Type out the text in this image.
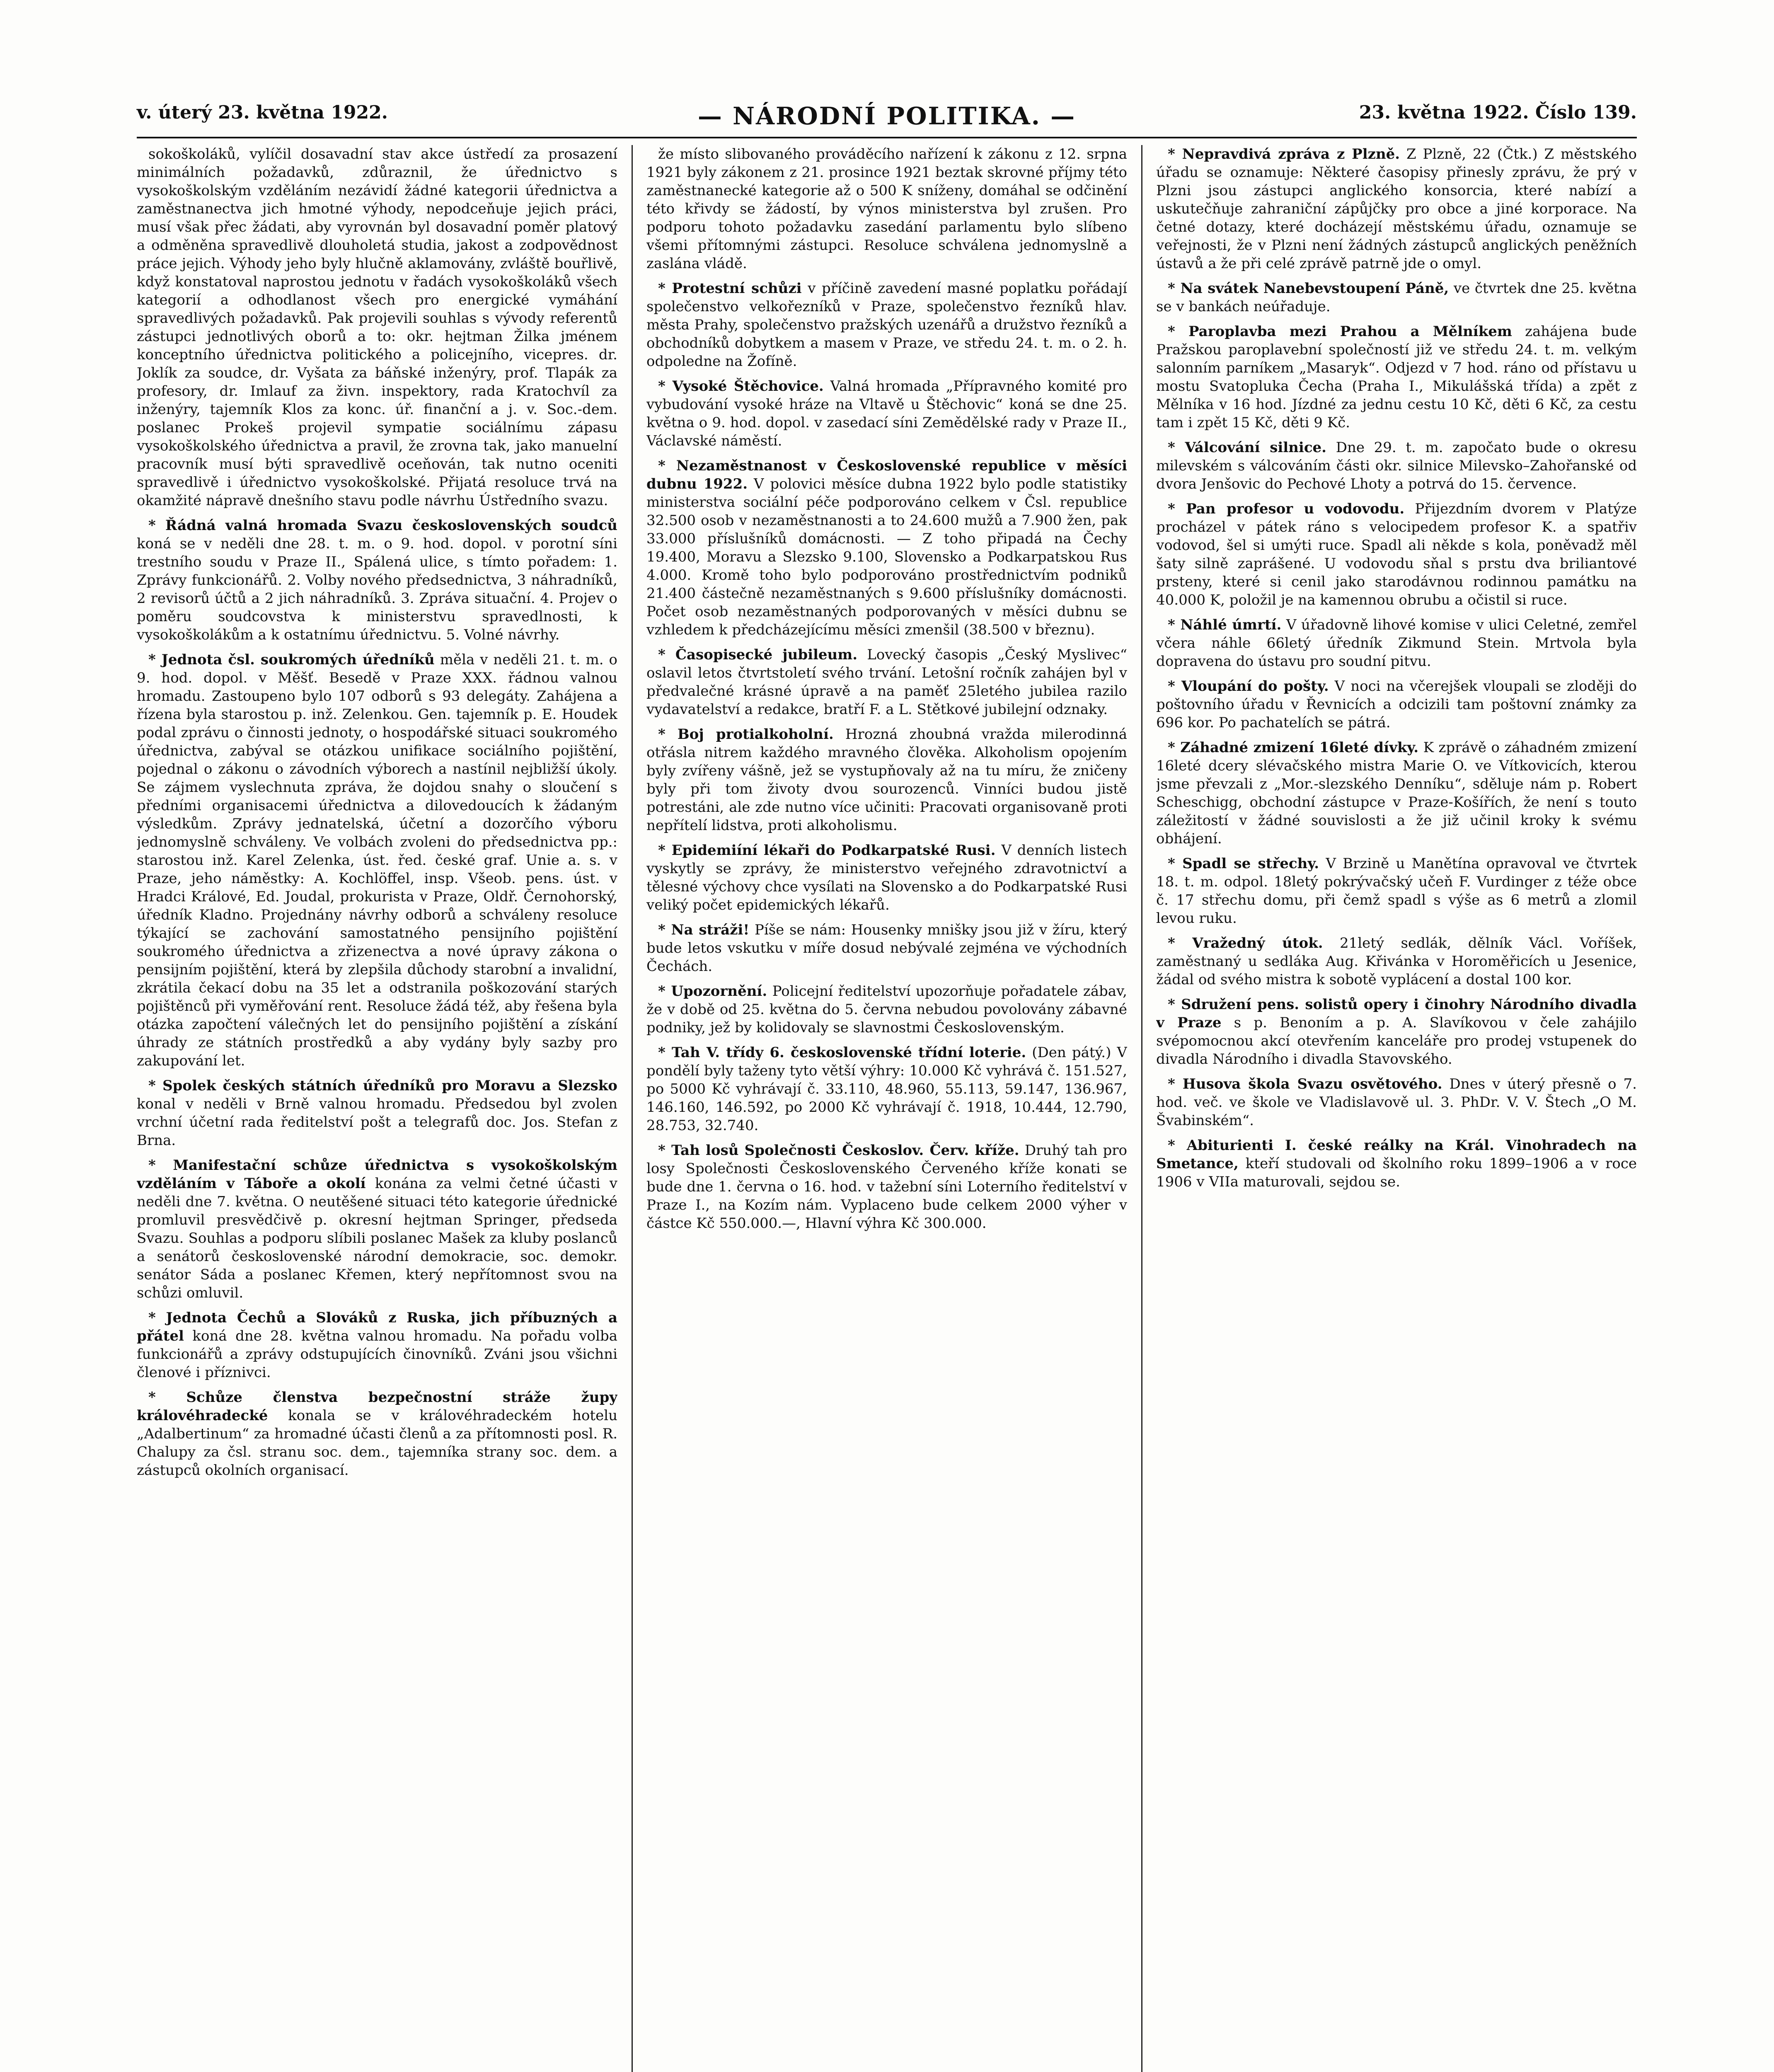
v. úterý 23. května 1922.	— NÁRODNÍ POLITIKA. —	23. května 1922. Číslo 139.

sokoškoláků, vylíčil dosavadní stav akce ústředí za prosazení minimálních požadavků, zdůraznil, že úřednictvo s vysokoškolským vzděláním nezávidí žádné kategorii úřednictva a zaměstnanectva jich hmotné výhody, nepodceňuje jejich práci, musí však přec žádati, aby vyrovnán byl dosavadní poměr platový a odměněna spravedlivě dlouholetá studia, jakost a zodpovědnost práce jejich. Výhody jeho byly hlučně aklamovány, zvláště bouřlivě, když konstatoval naprostou jednotu v řadách vysokoškoláků všech kategorií a odhodlanost všech pro energické vymáhání spravedlivých požadavků. Pak projevili souhlas s vývody referentů zástupci jednotlivých oborů a to: okr. hejtman Žilka jménem konceptního úřednictva politického a policejního, vicepres. dr. Joklík za soudce, dr. Vyšata za báňské inženýry, prof. Tlapák za profesory, dr. Imlauf za živn. inspektory, rada Kratochvíl za inženýry, tajemník Klos za konc. úř. finanční a j. v. Soc.-dem. poslanec Prokeš projevil sympatie sociálnímu zápasu vysokoškolského úřednictva a pravil, že zrovna tak, jako manuelní pracovník musí býti spravedlivě oceňován, tak nutno oceniti spravedlivě i úřednictvo vysokoškolské. Přijatá resoluce trvá na okamžité nápravě dnešního stavu podle návrhu Ústředního svazu.

* Řádná valná hromada Svazu československých soudců koná se v neděli dne 28. t. m. o 9. hod. dopol. v porotní síni trestního soudu v Praze II., Spálená ulice, s tímto pořadem: 1. Zprávy funkcionářů. 2. Volby nového předsednictva, 3 náhradníků, 2 revisorů účtů a 2 jich náhradníků. 3. Zpráva situační. 4. Projev o poměru soudcovstva k ministerstvu spravedlnosti, k vysokoškolákům a k ostatnímu úřednictvu. 5. Volné návrhy.

* Jednota čsl. soukromých úředníků měla v neděli 21. t. m. o 9. hod. dopol. v Měšť. Besedě v Praze XXX. řádnou valnou hromadu. Zastoupeno bylo 107 odborů s 93 delegáty. Zahájena a řízena byla starostou p. inž. Zelenkou. Gen. tajemník p. E. Houdek podal zprávu o činnosti jednoty, o hospodářské situaci soukromého úřednictva, zabýval se otázkou unifikace sociálního pojištění, pojednal o zákonu o závodních výborech a nastínil nejbližší úkoly. Se zájmem vyslechnuta zpráva, že dojdou snahy o sloučení s předními organisacemi úřednictva a dilovedoucích k žádaným výsledkům. Zprávy jednatelská, účetní a dozorčího výboru jednomyslně schváleny. Ve volbách zvoleni do předsednictva pp.: starostou inž. Karel Zelenka, úst. řed. české graf. Unie a. s. v Praze, jeho náměstky: A. Kochlöffel, insp. Všeob. pens. úst. v Hradci Králové, Ed. Joudal, prokurista v Praze, Oldř. Černohorský, úředník Kladno. Projednány návrhy odborů a schváleny resoluce týkající se zachování samostatného pensijního pojištění soukromého úřednictva a zřizenectva a nové úpravy zákona o pensijním pojištění, která by zlepšila důchody starobní a invalidní, zkrátila čekací dobu na 35 let a odstranila poškozování starých pojištěnců při vyměřování rent. Resoluce žádá též, aby řešena byla otázka započtení válečných let do pensijního pojištění a získání úhrady ze státních prostředků a aby vydány byly sazby pro zakupování let.

* Spolek českých státních úředníků pro Moravu a Slezsko konal v neděli v Brně valnou hromadu. Předsedou byl zvolen vrchní účetní rada ředitelství pošt a telegrafů doc. Jos. Stefan z Brna.

* Manifestační schůze úřednictva s vysokoškolským vzděláním v Táboře a okolí konána za velmi četné účasti v neděli dne 7. května. O neutěšené situaci této kategorie úřednické promluvil presvědčivě p. okresní hejtman Springer, předseda Svazu. Souhlas a podporu slíbili poslanec Mašek za kluby poslanců a senátorů československé národní demokracie, soc. demokr. senátor Sáda a poslanec Křemen, který nepřítomnost svou na schůzi omluvil.

* Jednota Čechů a Slováků z Ruska, jich příbuzných a přátel koná dne 28. května valnou hromadu. Na pořadu volba funkcionářů a zprávy odstupujících činovníků. Zváni jsou všichni členové i příznivci.

* Schůze členstva bezpečnostní stráže župy královéhradecké konala se v královéhradeckém hotelu „Adalbertinum“ za hromadné účasti členů a za přítomnosti posl. R. Chalupy za čsl. stranu soc. dem., tajemníka strany soc. dem. a zástupců okolních organisací.

že místo slibovaného prováděcího nařízení k zákonu z 12. srpna 1921 byly zákonem z 21. prosince 1921 beztak skrovné příjmy této zaměstnanecké kategorie až o 500 K sníženy, domáhal se odčinění této křivdy se žádostí, by výnos ministerstva byl zrušen. Pro podporu tohoto požadavku zasedání parlamentu bylo slíbeno všemi přítomnými zástupci. Resoluce schválena jednomyslně a zaslána vládě.

* Protestní schůzi v příčině zavedení masné poplatku pořádají společenstvo velkořezníků v Praze, společenstvo řezníků hlav. města Prahy, společenstvo pražských uzenářů a družstvo řezníků a obchodníků dobytkem a masem v Praze, ve středu 24. t. m. o 2. h. odpoledne na Žofíně.

* Vysoké Štěchovice. Valná hromada „Přípravného komité pro vybudování vysoké hráze na Vltavě u Štěchovic“ koná se dne 25. května o 9. hod. dopol. v zasedací síni Zemědělské rady v Praze II., Václavské náměstí.

* Nezaměstnanost v Československé republice v měsíci dubnu 1922. V polovici měsíce dubna 1922 bylo podle statistiky ministerstva sociální péče podporováno celkem v Čsl. republice 32.500 osob v nezaměstnanosti a to 24.600 mužů a 7.900 žen, pak 33.000 příslušníků domácnosti. — Z toho připadá na Čechy 19.400, Moravu a Slezsko 9.100, Slovensko a Podkarpatskou Rus 4.000. Kromě toho bylo podporováno prostřednictvím podniků 21.400 částečně nezaměstnaných s 9.600 příslušníky domácnosti. Počet osob nezaměstnaných podporovaných v měsíci dubnu se vzhledem k předcházejícímu měsíci zmenšil (38.500 v březnu).

* Časopisecké jubileum. Lovecký časopis „Český Myslivec“ oslavil letos čtvrtstoletí svého trvání. Letošní ročník zahájen byl v předvalečné krásné úpravě a na paměť 25letého jubilea razilo vydavatelství a redakce, bratří F. a L. Stětkové jubilejní odznaky.

* Boj protialkoholní. Hrozná zhoubná vražda milerodinná otřásla nitrem každého mravného člověka. Alkoholism opojením byly zvířeny vášně, jež se vystupňovaly až na tu míru, že zničeny byly při tom životy dvou sourozenců. Vinníci budou jistě potrestáni, ale zde nutno více učiniti: Pracovati organisovaně proti nepřítelí lidstva, proti alkoholismu.

* Epidemiíní lékaři do Podkarpatské Rusi. V denních listech vyskytly se zprávy, že ministerstvo veřejného zdravotnictví a tělesné výchovy chce vysílati na Slovensko a do Podkarpatské Rusi veliký počet epidemických lékařů.

* Na stráži! Píše se nám: Housenky mnišky jsou již v žíru, který bude letos vskutku v míře dosud nebývalé zejména ve východních Čechách.

* Upozornění. Policejní ředitelství upozorňuje pořadatele zábav, že v době od 25. května do 5. června nebudou povolovány zábavné podniky, jež by kolidovaly se slavnostmi Československým.

* Tah V. třídy 6. československé třídní loterie. (Den pátý.) V pondělí byly taženy tyto větší výhry: 10.000 Kč vyhrává č. 151.527, po 5000 Kč vyhrávají č. 33.110, 48.960, 55.113, 59.147, 136.967, 146.160, 146.592, po 2000 Kč vyhrávají č. 1918, 10.444, 12.790, 28.753, 32.740.

* Tah losů Společnosti Českoslov. Červ. kříže. Druhý tah pro losy Společnosti Československého Červeného kříže konati se bude dne 1. června o 16. hod. v tažební síni Loterního ředitelství v Praze I., na Kozím nám. Vyplaceno bude celkem 2000 výher v částce Kč 550.000.—, Hlavní výhra Kč 300.000.

* Nepravdivá zpráva z Plzně. Z Plzně, 22 (Čtk.) Z městského úřadu se oznamuje: Některé časopisy přinesly zprávu, že prý v Plzni jsou zástupci anglického konsorcia, které nabízí a uskutečňuje zahraniční zápůjčky pro obce a jiné korporace. Na četné dotazy, které docházejí městskému úřadu, oznamuje se veřejnosti, že v Plzni není žádných zástupců anglických peněžních ústavů a že při celé zprávě patrně jde o omyl.

* Na svátek Nanebevstoupení Páně, ve čtvrtek dne 25. května se v bankách neúřaduje.

* Paroplavba mezi Prahou a Mělníkem zahájena bude Pražskou paroplavební společností již ve středu 24. t. m. velkým salonním parníkem „Masaryk“. Odjezd v 7 hod. ráno od přístavu u mostu Svatopluka Čecha (Praha I., Mikulášská třída) a zpět z Mělníka v 16 hod. Jízdné za jednu cestu 10 Kč, děti 6 Kč, za cestu tam i zpět 15 Kč, děti 9 Kč.

* Válcování silnice. Dne 29. t. m. započato bude o okresu milevském s válcováním části okr. silnice Milevsko–Zahořanské od dvora Jenšovic do Pechové Lhoty a potrvá do 15. července.

* Pan profesor u vodovodu. Přijezdním dvorem v Platýze procházel v pátek ráno s velocipedem profesor K. a spatřiv vodovod, šel si umýti ruce. Spadl ali někde s kola, poněvadž měl šaty silně zaprášené. U vodovodu sňal s prstu dva briliantové prsteny, které si cenil jako starodávnou rodinnou památku na 40.000 K, položil je na kamennou obrubu a očistil si ruce.

* Náhlé úmrtí. V úřadovně lihové komise v ulici Celetné, zemřel včera náhle 66letý úředník Zikmund Stein. Mrtvola byla dopravena do ústavu pro soudní pitvu.

* Vloupání do pošty. V noci na včerejšek vloupali se zloději do poštovního úřadu v Řevnicích a odcizili tam poštovní známky za 696 kor. Po pachatelích se pátrá.

* Záhadné zmizení 16leté dívky. K zprávě o záhadném zmizení 16leté dcery slévačského mistra Marie O. ve Vítkovicích, kterou jsme převzali z „Mor.-slezského Denníku“, sděluje nám p. Robert Scheschigg, obchodní zástupce v Praze-Košířích, že není s touto záležitostí v žádné souvislosti a že již učinil kroky k svému obhájení.

* Spadl se střechy. V Brzině u Manětína opravoval ve čtvrtek 18. t. m. odpol. 18letý pokrývačský učeň F. Vurdinger z téže obce č. 17 střechu domu, při čemž spadl s výše as 6 metrů a zlomil levou ruku.

* Vražedný útok. 21letý sedlák, dělník Václ. Voříšek, zaměstnaný u sedláka Aug. Křivánka v Horoměřicích u Jesenice, žádal od svého mistra k sobotě vyplácení a dostal 100 kor.

* Sdružení pens. solistů opery i činohry Národního divadla v Praze s p. Benoním a p. A. Slavíkovou v čele zahájilo svépomocnou akcí otevřením kanceláře pro prodej vstupenek do divadla Národního i divadla Stavovského.

* Husova škola Svazu osvětového. Dnes v úterý přesně o 7. hod. več. ve škole ve Vladislavově ul. 3. PhDr. V. V. Štech „O M. Švabinském“.

* Abiturienti I. české reálky na Král. Vinohradech na Smetance, kteří studovali od školního roku 1899–1906 a v roce 1906 v VIIa maturovali, sejdou se.
